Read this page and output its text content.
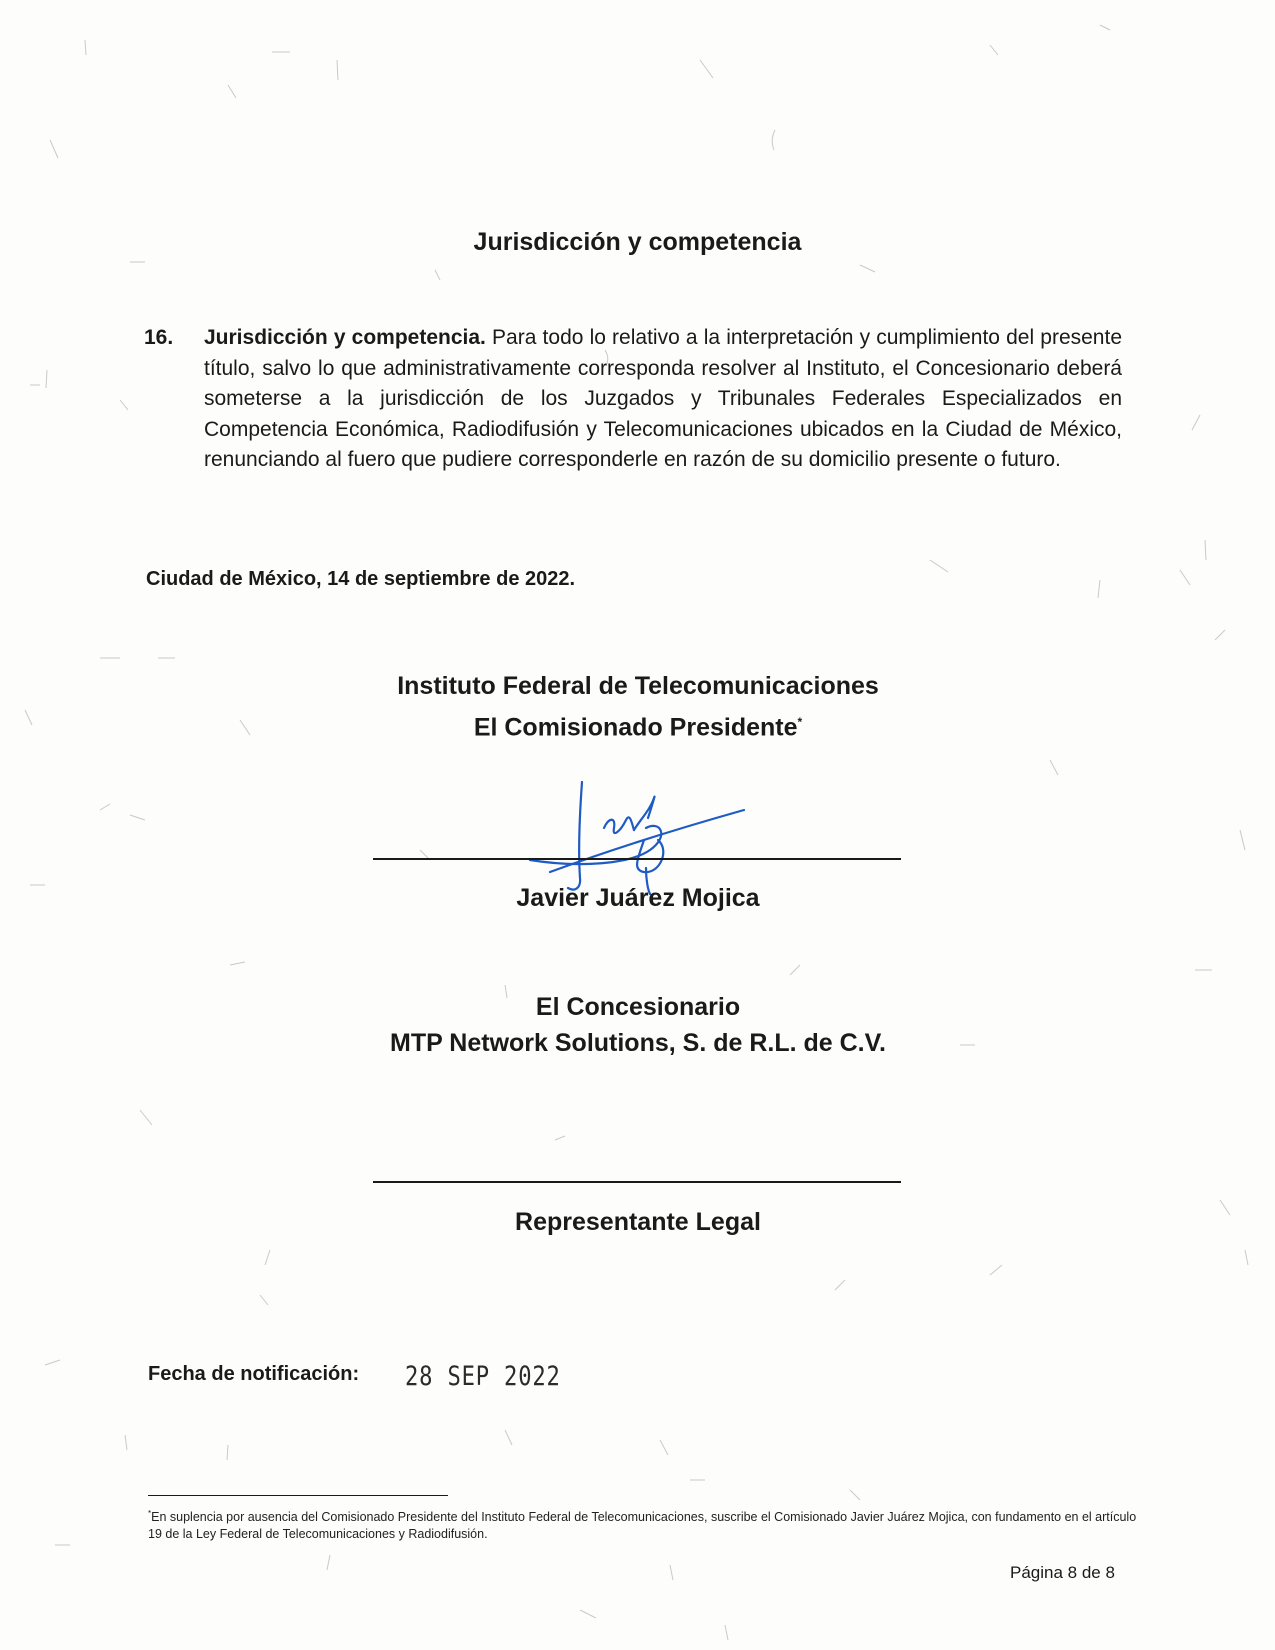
Jurisdicción y competencia
16. Jurisdicción y competencia. Para todo lo relativo a la interpretación y cumplimiento del presente título, salvo lo que administrativamente corresponda resolver al Instituto, el Concesionario deberá someterse a la jurisdicción de los Juzgados y Tribunales Federales Especializados en Competencia Económica, Radiodifusión y Telecomunicaciones ubicados en la Ciudad de México, renunciando al fuero que pudiere corresponderle en razón de su domicilio presente o futuro.
Ciudad de México, 14 de septiembre de 2022.
Instituto Federal de Telecomunicaciones
El Comisionado Presidente*
Javier Juárez Mojica
El Concesionario
MTP Network Solutions, S. de R.L. de C.V.
Representante Legal
Fecha de notificación: 28 SEP 2022
*En suplencia por ausencia del Comisionado Presidente del Instituto Federal de Telecomunicaciones, suscribe el Comisionado Javier Juárez Mojica, con fundamento en el artículo 19 de la Ley Federal de Telecomunicaciones y Radiodifusión.
Página 8 de 8
